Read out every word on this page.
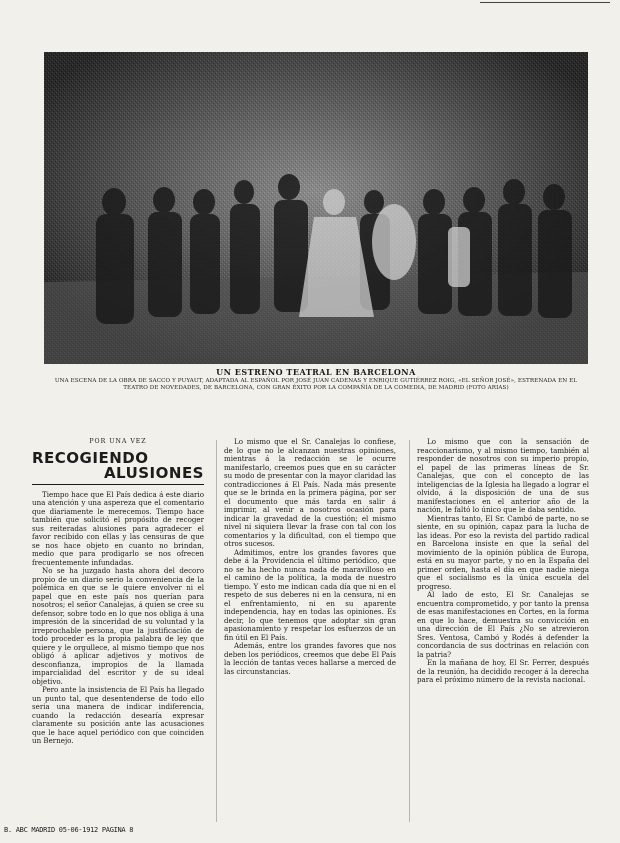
UN ESTRENO TEATRAL EN BARCELONA
UNA ESCENA DE LA OBRA DE SACCO Y PUYAUT, ADAPTADA AL ESPAÑOL POR JOSÉ JUAN CADENAS Y ENRIQUE GUTIÉRREZ ROIG, «EL SEÑOR JOSÉ», ESTRENADA EN EL TEATRO DE NOVEDADES, DE BARCELONA, CON GRAN ÉXITO POR LA COMPAÑÍA DE LA COMEDIA, DE MADRID (FOTO ARIAS)
POR UNA VEZ
RECOGIENDO
ALUSIONES

Tiempo hace que El País dedica á este diario una atención y una aspereza que el comentario que diariamente le merecemos. Tiempo hace también que solicitó el propósito de recoger sus reiteradas alusiones para agradecer el favor recibido con ellas y las censuras de que se nos hace objeto en cuanto no brindan, medio que para prodigarlo se nos ofrecen frecuentemente infundadas.

No se ha juzgado hasta ahora del decoro propio de un diario serio la conveniencia de la polémica en que se le quiere envolver ni el papel que en este país nos querían para nosotros; el señor Canalejas, á quien se cree su defensor, sobre todo en lo que nos obliga á una impresión de la sinceridad de su voluntad y la irreprochable persona, que la justificación de todo proceder es la propia palabra de ley que quiere y le orgullece, al mismo tiempo que nos obligó á aplicar adjetivos y motivos de desconfianza, impropios de la llamada imparcialidad del escritor y de su ideal objetivo.

Pero ante la insistencia de El País ha llegado un punto tal, que desentenderse de todo ello seria una manera de indicar indiferencia, cuando la redacción desearía expresar claramente su posición ante las acusaciones que le hace aquel periódico con que coinciden un Bernejo.

Lo mismo que el Sr. Canalejas lo confiese, de lo que no le alcanzan nuestras opiniones, mientras á la redacción se le ocurre manifestarlo, creemos pues que en su carácter su modo de presentar con la mayor claridad las contradicciones á El País. Nada más presente que se le brinda en la primera página, por ser el documento que más tarda en salir á imprimir, al venir a nosotros ocasión para indicar la gravedad de la cuestión; el mismo nivel ni siquiera llevar la frase con tal con los comentarios y la dificultad, con el tiempo que otros sucesos.

Admitimos, entre los grandes favores que debe á la Providencia el último periódico, que no se ha hecho nunca nada de maravilloso en el camino de la política, la moda de nuestro tiempo. Y esto me indican cada día que ni en el respeto de sus deberes ni en la censura, ni en el enfrentamiento, ni en su aparente independencia, hay en todas las opiniones. Es decir, lo que tenemos que adoptar sin gran apasionamiento y respetar los esfuerzos de un fin útil en El País.

Además, entre los grandes favores que nos deben los periódicos, creemos que debe El País la lección de tantas veces hallarse a merced de las circunstancias.

Lo mismo que con la sensación de reaccionarismo, y al mismo tiempo, también al responder de nosotros con su imperio propio, el papel de las primeras líneas de Sr. Canalejas, que con el concepto de las inteligencias de la Iglesia ha llegado a lograr el olvido, á la disposición de una de sus manifestaciones en el anterior año de la nación, le faltó lo único que le daba sentido.

Mientras tanto, El Sr. Cambó de parte, no se siente, en su opinión, capaz para la lucha de las ideas. Por eso la revista del partido radical en Barcelona insiste en que la señal del movimiento de la opinión pública de Europa, está en su mayor parte, y no en la España del primer orden, hasta el día en que nadie niega que el socialismo es la única escuela del progreso.

Al lado de esto, El Sr. Canalejas se encuentra comprometido, y por tanto la prensa de esas manifestaciones en Cortes, en la forma en que lo hace, demuestra su convicción en una dirección de El País ¿No se atrevieron Sres. Ventosa, Cambó y Rodés á defender la concordancia de sus doctrinas en relación con la patria?

En la mañana de hoy, El Sr. Ferrer, después de la reunión, ha decidido recoger á la derecha para el próximo número de la revista nacional.

B. ABC MADRID 05-06-1912 PÁGINA 8
